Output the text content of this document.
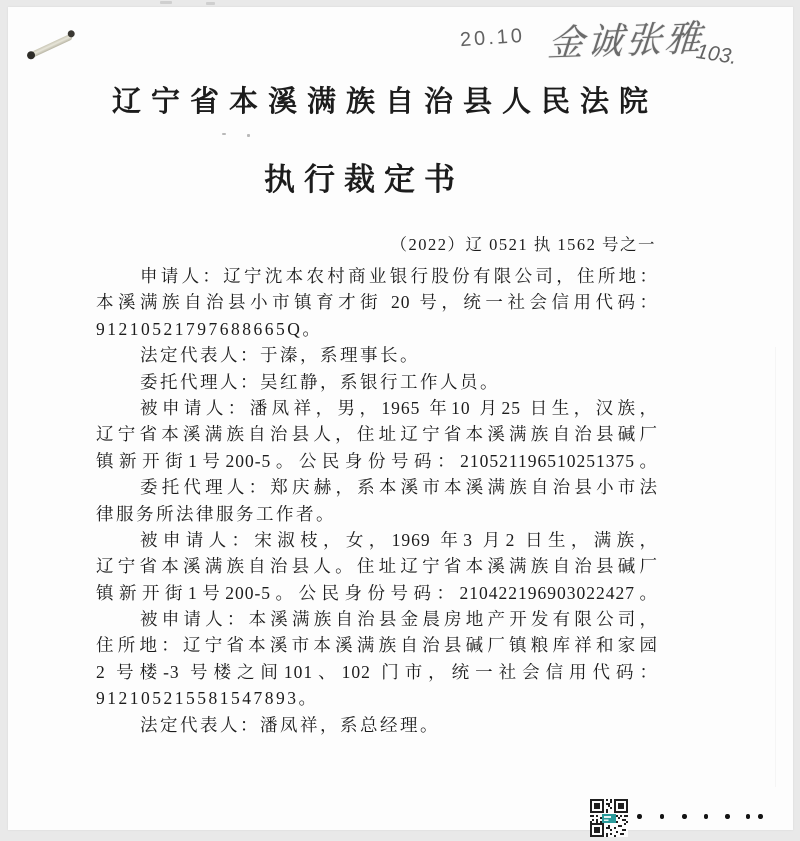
20.10 金诚张雅
103.
辽宁省本溪满族自治县人民法院
执行裁定书
（2022）辽 0521 执 1562 号之一
申请人：辽宁沈本农村商业银行股份有限公司，住所地：
本溪满族自治县小市镇育才街 20 号，统一社会信用代码：
91210521797688665Q。
法定代表人：于溱，系理事长。
委托代理人：吴红静，系银行工作人员。
被申请人：潘凤祥，男，1965 年10 月25 日生，汉族，
辽宁省本溪满族自治县人，住址辽宁省本溪满族自治县碱厂
镇新开街1号200-5。公民身份号码：210521196510251375。
委托代理人：郑庆赫，系本溪市本溪满族自治县小市法
律服务所法律服务工作者。
被申请人：宋淑枝，女，1969 年3 月2 日生，满族，
辽宁省本溪满族自治县人。住址辽宁省本溪满族自治县碱厂
镇新开街1号200-5。公民身份号码：210422196903022427。
被申请人：本溪满族自治县金晨房地产开发有限公司，
住所地：辽宁省本溪市本溪满族自治县碱厂镇粮库祥和家园
2 号楼-3 号楼之间101、102 门市，统一社会信用代码：
912105215581547893。
法定代表人：潘凤祥，系总经理。
